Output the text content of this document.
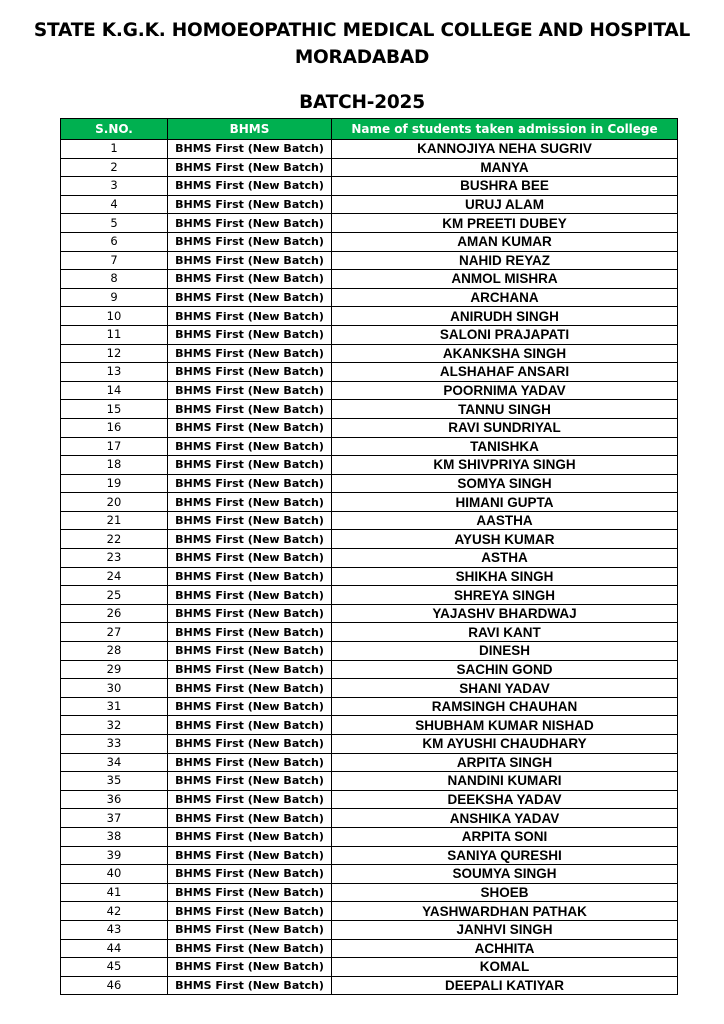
STATE K.G.K. HOMOEOPATHIC MEDICAL COLLEGE AND HOSPITAL
MORADABAD
BATCH-2025
S.NO.	BHMS	Name of students taken admission in College
1	BHMS First (New Batch)	KANNOJIYA NEHA SUGRIV
2	BHMS First (New Batch)	MANYA
3	BHMS First (New Batch)	BUSHRA BEE
4	BHMS First (New Batch)	URUJ ALAM
5	BHMS First (New Batch)	KM PREETI DUBEY
6	BHMS First (New Batch)	AMAN KUMAR
7	BHMS First (New Batch)	NAHID REYAZ
8	BHMS First (New Batch)	ANMOL MISHRA
9	BHMS First (New Batch)	ARCHANA
10	BHMS First (New Batch)	ANIRUDH SINGH
11	BHMS First (New Batch)	SALONI PRAJAPATI
12	BHMS First (New Batch)	AKANKSHA SINGH
13	BHMS First (New Batch)	ALSHAHAF ANSARI
14	BHMS First (New Batch)	POORNIMA YADAV
15	BHMS First (New Batch)	TANNU SINGH
16	BHMS First (New Batch)	RAVI SUNDRIYAL
17	BHMS First (New Batch)	TANISHKA
18	BHMS First (New Batch)	KM SHIVPRIYA SINGH
19	BHMS First (New Batch)	SOMYA SINGH
20	BHMS First (New Batch)	HIMANI GUPTA
21	BHMS First (New Batch)	AASTHA
22	BHMS First (New Batch)	AYUSH KUMAR
23	BHMS First (New Batch)	ASTHA
24	BHMS First (New Batch)	SHIKHA SINGH
25	BHMS First (New Batch)	SHREYA SINGH
26	BHMS First (New Batch)	YAJASHV BHARDWAJ
27	BHMS First (New Batch)	RAVI KANT
28	BHMS First (New Batch)	DINESH
29	BHMS First (New Batch)	SACHIN GOND
30	BHMS First (New Batch)	SHANI YADAV
31	BHMS First (New Batch)	RAMSINGH CHAUHAN
32	BHMS First (New Batch)	SHUBHAM KUMAR NISHAD
33	BHMS First (New Batch)	KM AYUSHI CHAUDHARY
34	BHMS First (New Batch)	ARPITA SINGH
35	BHMS First (New Batch)	NANDINI KUMARI
36	BHMS First (New Batch)	DEEKSHA YADAV
37	BHMS First (New Batch)	ANSHIKA YADAV
38	BHMS First (New Batch)	ARPITA SONI
39	BHMS First (New Batch)	SANIYA QURESHI
40	BHMS First (New Batch)	SOUMYA SINGH
41	BHMS First (New Batch)	SHOEB
42	BHMS First (New Batch)	YASHWARDHAN PATHAK
43	BHMS First (New Batch)	JANHVI SINGH
44	BHMS First (New Batch)	ACHHITA
45	BHMS First (New Batch)	KOMAL
46	BHMS First (New Batch)	DEEPALI KATIYAR
